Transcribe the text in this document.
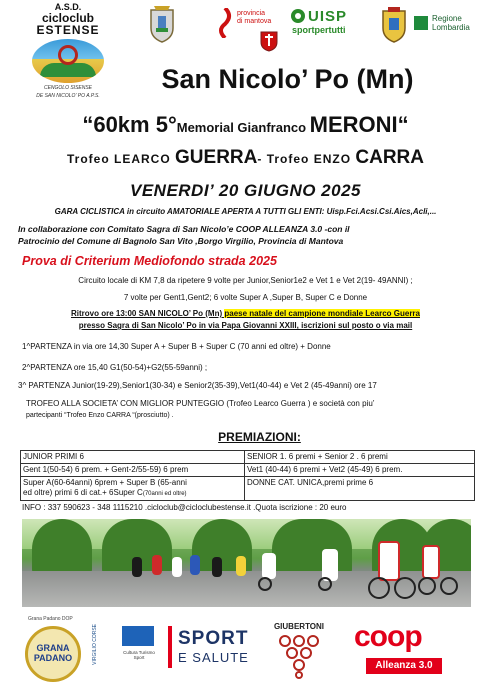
A.S.D.
cicloclub
ESTENSE
CENGOLO SISENSE
DE SAN NICOLO' PO A.P.S.
provincia
di mantova UISP
sportpertutti
Regione
Lombardia
San Nicolo’ Po (Mn)
“60km 5°Memorial Gianfranco MERONI“
Trofeo LEARCO GUERRA- Trofeo ENZO CARRA
VENERDI’ 20 GIUGNO 2025
GARA CICLISTICA in circuito AMATORIALE APERTA A TUTTI GLI ENTI: Uisp.Fci.Acsi.Csi.Aics,Acli,...
In collaborazione con Comitato Sagra di San Nicolo’e COOP ALLEANZA 3.0 -con il
Patrocinio del Comune di Bagnolo San Vito ,Borgo Virgilio, Provincia di Mantova
Prova di Criterium Mediofondo strada 2025
Circuito locale di KM 7,8 da ripetere 9 volte per Junior,Senior1e2 e Vet 1 e Vet 2(19- 49ANNI) ;
7 volte per Gent1,Gent2; 6 volte Super A ,Super B, Super C e Donne
Ritrovo ore 13:00 SAN NICOLO’ Po (Mn) paese natale del campione mondiale Learco Guerra
presso Sagra di San Nicolo’ Po in via Papa Giovanni XXIII, iscrizioni sul posto o via mail
1^PARTENZA in via ore 14,30 Super A + Super B + Super C (70 anni ed oltre) + Donne
2^PARTENZA ore 15,40 G1(50-54)+G2(55-59anni) ;
3^ PARTENZA Junior(19-29),Senior1(30-34) e Senior2(35-39),Vet1(40-44) e Vet 2 (45-49anni) ore 17
TROFEO ALLA SOCIETA’ CON MIGLIOR PUNTEGGIO (Trofeo Learco Guerra ) e società con piu’
partecipanti “Trofeo Enzo CARRA “(prosciutto) .
PREMIAZIONI:
JUNIOR PRIMI 6	SENIOR 1. 6 premi + Senior 2 . 6 premi
Gent 1(50-54) 6 prem. + Gent-2/55-59) 6 prem	Vet1 (40-44) 6 premi + Vet2 (45-49) 6 prem.

Super A(60-64anni) 6prem + Super B (65-anni
ed oltre) primi 6 di cat.+ 6Super C(70anni ed oltre)	DONNE CAT. UNICA,premi prime 6
INFO : 337 590623 - 348 1115210 .cicloclub@cicloclubestense.it .Quota iscrizione : 20 euro
Grana Padano DOP
GRANA
PADANO	VIRGILIO CORSE	Cultura Turismo Sport
SPORT
E SALUTE
GIUBERTONI coop
Alleanza 3.0
